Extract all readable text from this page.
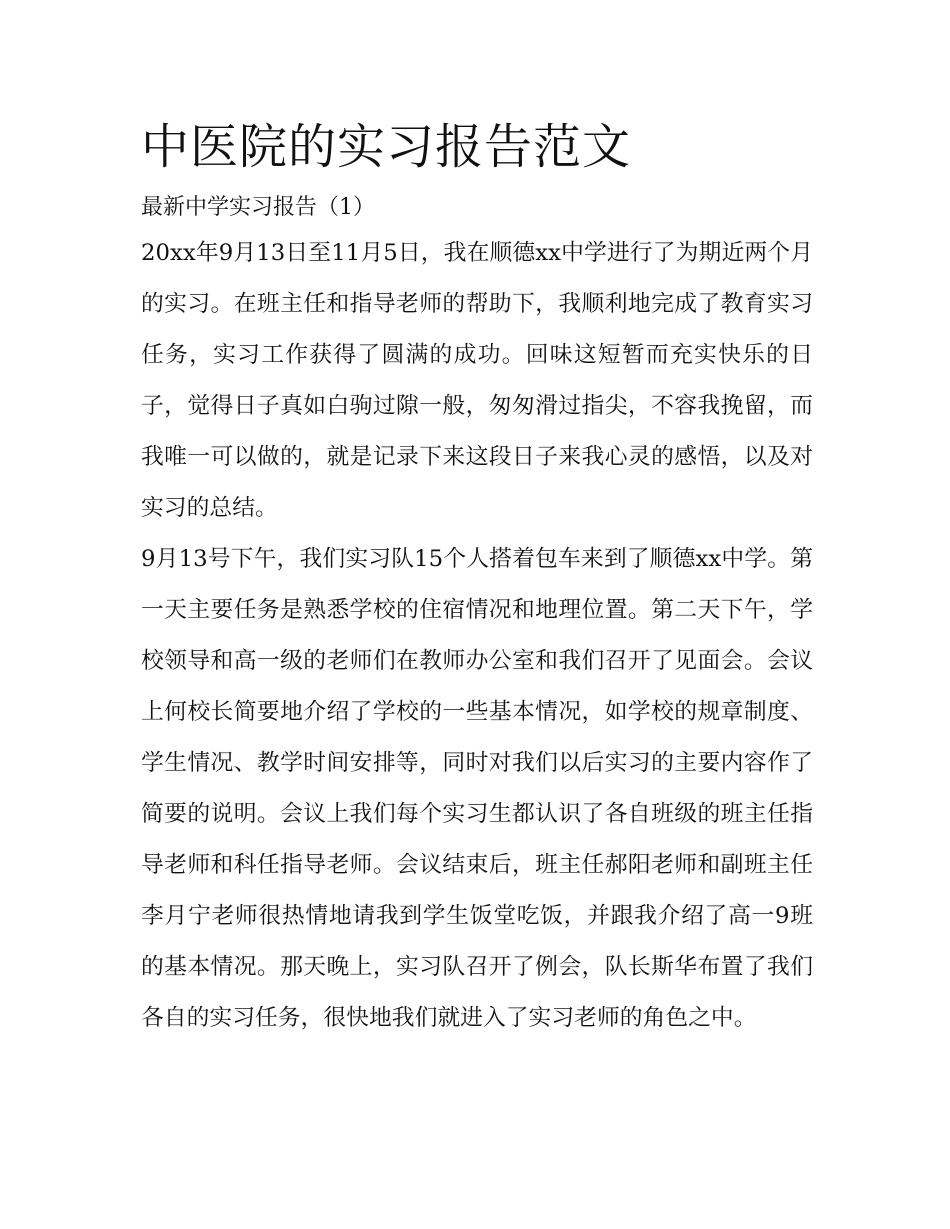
中医院的实习报告范文

最新中学实习报告（1）

20xx年9月13日至11月5日，我在顺德xx中学进行了为期近两个月的实习。在班主任和指导老师的帮助下，我顺利地完成了教育实习任务，实习工作获得了圆满的成功。回味这短暂而充实快乐的日子，觉得日子真如白驹过隙一般，匆匆滑过指尖，不容我挽留，而我唯一可以做的，就是记录下来这段日子来我心灵的感悟，以及对实习的总结。

9月13号下午，我们实习队15个人搭着包车来到了顺德xx中学。第一天主要任务是熟悉学校的住宿情况和地理位置。第二天下午，学校领导和高一级的老师们在教师办公室和我们召开了见面会。会议上何校长简要地介绍了学校的一些基本情况，如学校的规章制度、学生情况、教学时间安排等，同时对我们以后实习的主要内容作了简要的说明。会议上我们每个实习生都认识了各自班级的班主任指导老师和科任指导老师。会议结束后，班主任郝阳老师和副班主任李月宁老师很热情地请我到学生饭堂吃饭，并跟我介绍了高一9班的基本情况。那天晚上，实习队召开了例会，队长斯华布置了我们各自的实习任务，很快地我们就进入了实习老师的角色之中。
